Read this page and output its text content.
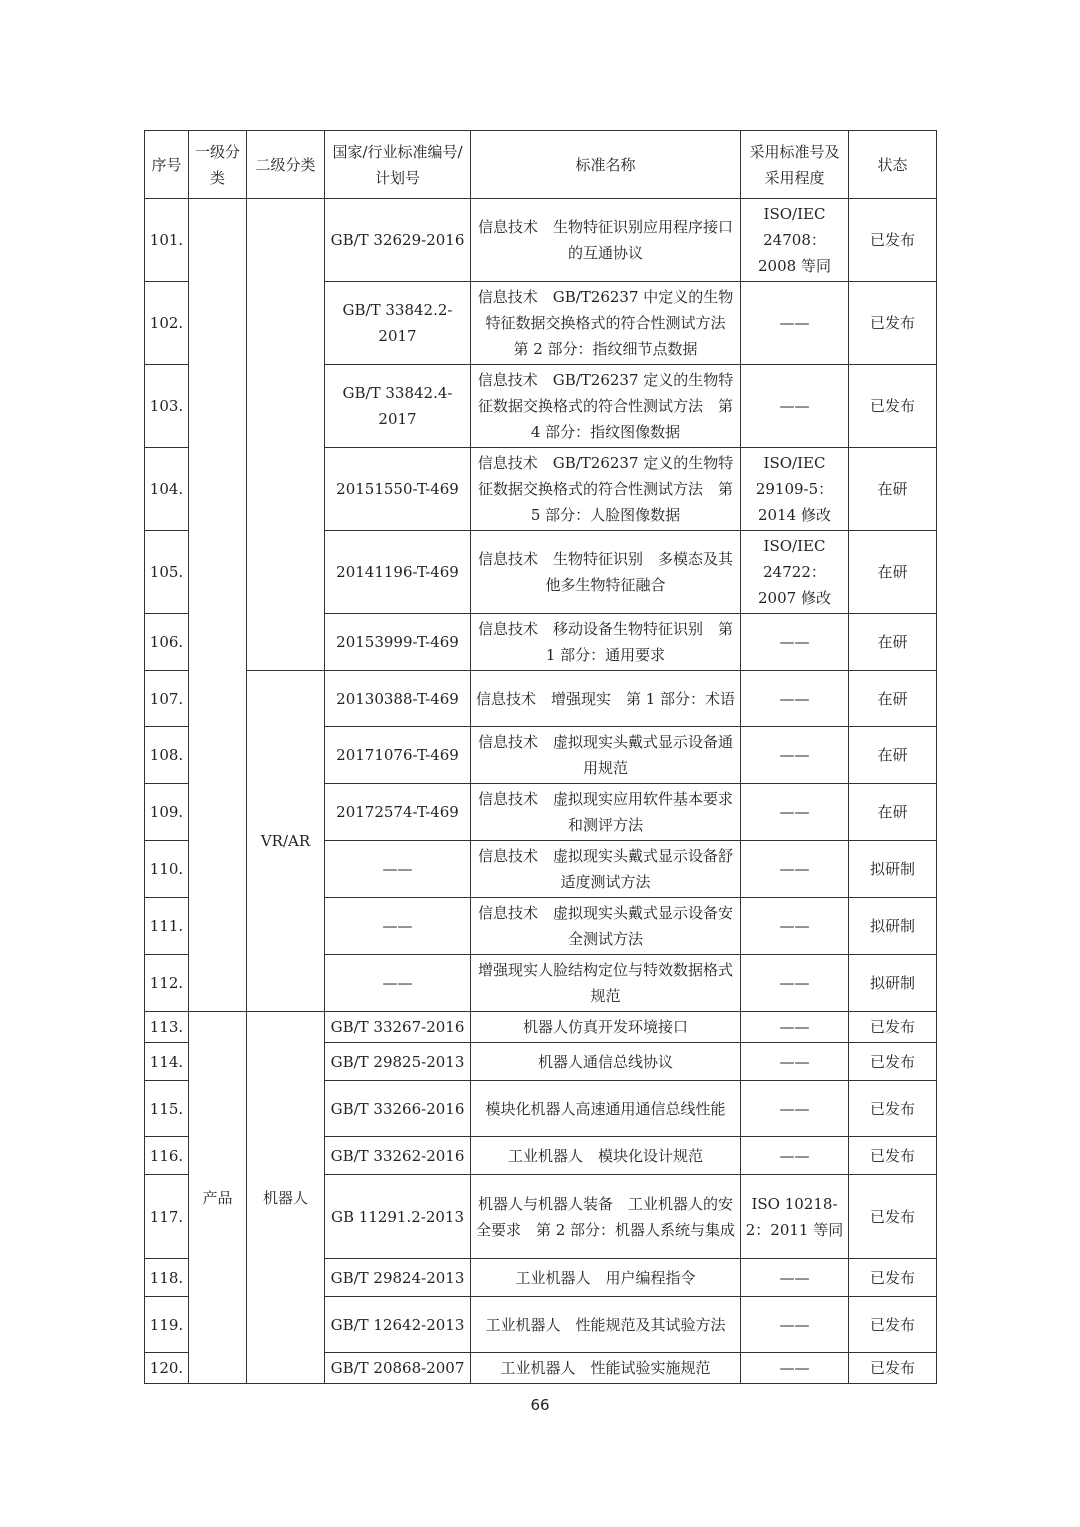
序号	一级分类	二级分类	国家/行业标准编号/计划号	标准名称	采用标准号及采用程度	状态
101.			GB/T 32629-2016	信息技术　生物特征识别应用程序接口的互通协议	ISO/IEC 24708：2008 等同	已发布
102.			GB/T 33842.2-2017	信息技术　GB/T26237 中定义的生物特征数据交换格式的符合性测试方法　第 2 部分：指纹细节点数据	——	已发布
103.			GB/T 33842.4-2017	信息技术　GB/T26237 定义的生物特征数据交换格式的符合性测试方法　第 4 部分：指纹图像数据	——	已发布
104.			20151550-T-469	信息技术　GB/T26237 定义的生物特征数据交换格式的符合性测试方法　第 5 部分：人脸图像数据	ISO/IEC 29109-5：2014 修改	在研
105.			20141196-T-469	信息技术　生物特征识别　多模态及其他多生物特征融合	ISO/IEC 24722：2007 修改	在研
106.			20153999-T-469	信息技术　移动设备生物特征识别　第 1 部分：通用要求	——	在研
107.		VR/AR	20130388-T-469	信息技术　增强现实　第 1 部分：术语	——	在研
108.			20171076-T-469	信息技术　虚拟现实头戴式显示设备通用规范	——	在研
109.			20172574-T-469	信息技术　虚拟现实应用软件基本要求和测评方法	——	在研
110.			——	信息技术　虚拟现实头戴式显示设备舒适度测试方法	——	拟研制
111.			——	信息技术　虚拟现实头戴式显示设备安全测试方法	——	拟研制
112.			——	增强现实人脸结构定位与特效数据格式规范	——	拟研制
113.	产品	机器人	GB/T 33267-2016	机器人仿真开发环境接口	——	已发布
114.			GB/T 29825-2013	机器人通信总线协议	——	已发布
115.			GB/T 33266-2016	模块化机器人高速通用通信总线性能	——	已发布
116.			GB/T 33262-2016	工业机器人　模块化设计规范	——	已发布
117.			GB 11291.2-2013	机器人与机器人装备　工业机器人的安全要求　第 2 部分：机器人系统与集成	ISO 10218-2：2011 等同	已发布
118.			GB/T 29824-2013	工业机器人　用户编程指令	——	已发布
119.			GB/T 12642-2013	工业机器人　性能规范及其试验方法	——	已发布
120.			GB/T 20868-2007	工业机器人　性能试验实施规范	——	已发布
66
